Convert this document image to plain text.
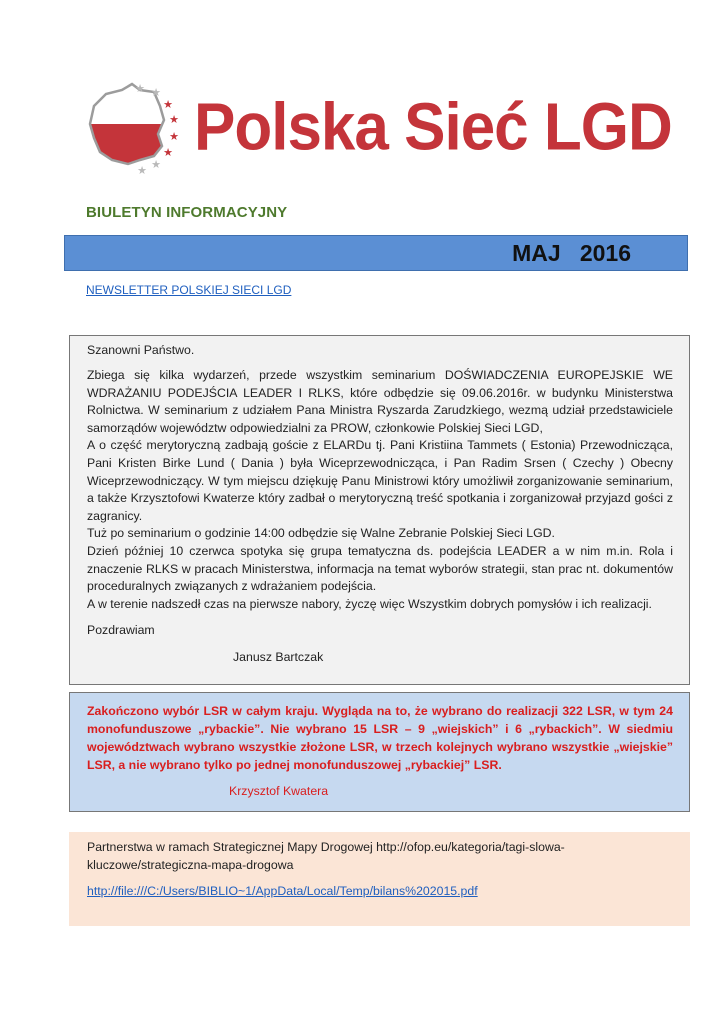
★ ★
★
★
★
★
★
★
Polska Sieć LGD
BIULETYN INFORMACYJNY
MAJ   2016
NEWSLETTER POLSKIEJ SIECI LGD
Szanowni Państwo.

Zbiega się kilka wydarzeń, przede wszystkim seminarium DOŚWIADCZENIA EUROPEJSKIE WE WDRAŻANIU PODEJŚCIA LEADER I RLKS, które odbędzie się 09.06.2016r. w budynku Ministerstwa Rolnictwa. W seminarium z udziałem Pana Ministra Ryszarda Zarudzkiego, wezmą udział przedstawiciele samorządów województw odpowiedzialni za PROW, członkowie Polskiej Sieci LGD,

A o część merytoryczną zadbają goście z ELARDu tj. Pani Kristiina Tammets ( Estonia) Przewodnicząca, Pani Kristen Birke Lund ( Dania ) była Wiceprzewodnicząca, i Pan Radim Srsen ( Czechy ) Obecny Wiceprzewodniczący. W tym miejscu dziękuję Panu Ministrowi który umożliwił zorganizowanie seminarium, a także Krzysztofowi Kwaterze który zadbał o merytoryczną treść spotkania i zorganizował przyjazd gości z zagranicy.

Tuż po seminarium o godzinie 14:00 odbędzie się Walne Zebranie Polskiej Sieci LGD.

Dzień później 10 czerwca spotyka się grupa tematyczna ds. podejścia LEADER a w nim m.in. Rola i znaczenie RLKS w pracach Ministerstwa, informacja na temat wyborów strategii, stan prac nt. dokumentów proceduralnych związanych z wdrażaniem podejścia.

A w terenie nadszedł czas na pierwsze nabory, życzę więc Wszystkim dobrych pomysłów i ich realizacji.

Pozdrawiam
Janusz Bartczak
Zakończono wybór LSR w całym kraju. Wygląda na to, że wybrano do realizacji 322 LSR, w tym 24 monofunduszowe „rybackie”. Nie wybrano 15 LSR – 9 „wiejskich” i 6 „rybackich”. W siedmiu województwach wybrano wszystkie złożone LSR, w trzech kolejnych wybrano wszystkie „wiejskie” LSR, a nie wybrano tylko po jednej monofunduszowej „rybackiej” LSR.
Krzysztof Kwatera
Partnerstwa w ramach Strategicznej Mapy Drogowej http://ofop.eu/kategoria/tagi-slowa-kluczowe/strategiczna-mapa-drogowa
http://file:///C:/Users/BIBLIO~1/AppData/Local/Temp/bilans%202015.pdf
